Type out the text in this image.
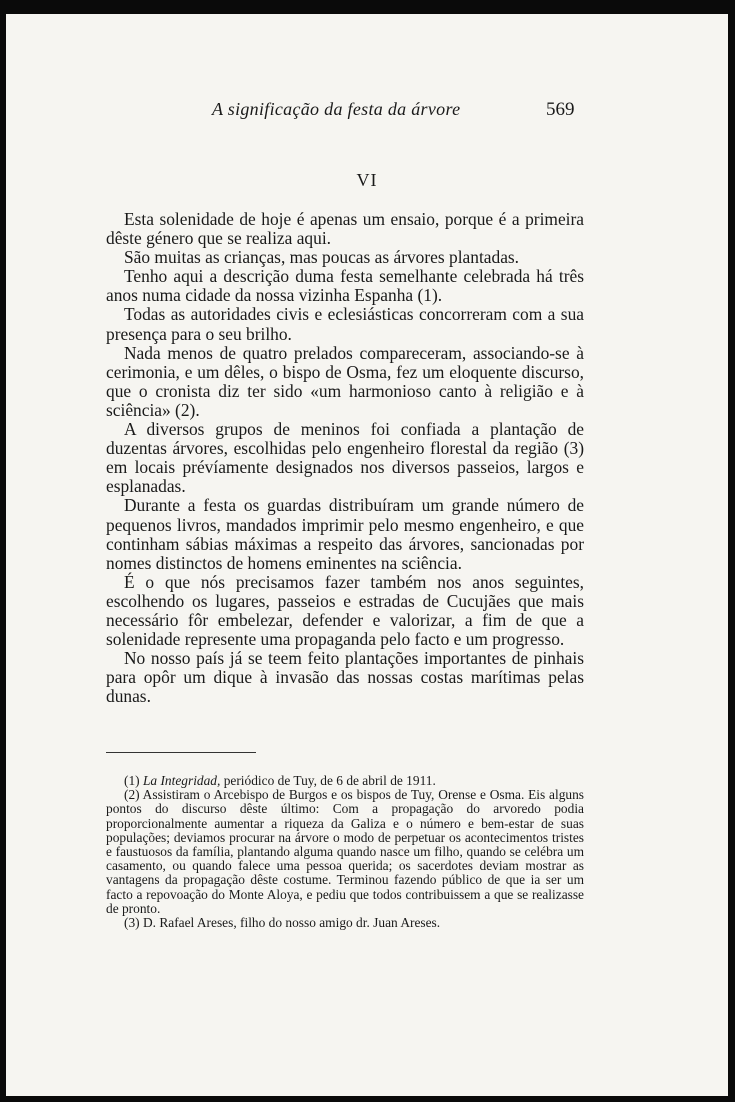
A significação da festa da árvore	569
VI

Esta solenidade de hoje é apenas um ensaio, porque é a primeira dêste género que se realiza aqui.

São muitas as crianças, mas poucas as árvores plantadas.

Tenho aqui a descrição duma festa semelhante celebrada há três anos numa cidade da nossa vizinha Espanha (1).

Todas as autoridades civis e eclesiásticas concorreram com a sua presença para o seu brilho.

Nada menos de quatro prelados compareceram, associando-se à cerimonia, e um dêles, o bispo de Osma, fez um eloquente discurso, que o cronista diz ter sido «um harmonioso canto à religião e à sciência» (2).

A diversos grupos de meninos foi confiada a plantação de duzentas árvores, escolhidas pelo engenheiro florestal da região (3) em locais prévíamente designados nos diversos passeios, largos e esplanadas.

Durante a festa os guardas distribuíram um grande número de pequenos livros, mandados imprimir pelo mesmo engenheiro, e que continham sábias máximas a respeito das árvores, sancionadas por nomes distinctos de homens eminentes na sciência.

É o que nós precisamos fazer também nos anos seguintes, escolhendo os lugares, passeios e estradas de Cucujães que mais necessário fôr embelezar, defender e valorizar, a fim de que a solenidade represente uma propaganda pelo facto e um progresso.

No nosso país já se teem feito plantações importantes de pinhais para opôr um dique à invasão das nossas costas marítimas pelas dunas.

(1) La Integridad, periódico de Tuy, de 6 de abril de 1911.

(2) Assistiram o Arcebispo de Burgos e os bispos de Tuy, Orense e Osma. Eis alguns pontos do discurso dêste último: Com a propagação do arvoredo podia proporcionalmente aumentar a riqueza da Galiza e o número e bem-estar de suas populações; deviamos procurar na árvore o modo de perpetuar os acontecimentos tristes e faustuosos da família, plantando alguma quando nasce um filho, quando se celébra um casamento, ou quando falece uma pessoa querida; os sacerdotes deviam mostrar as vantagens da propagação dêste costume. Terminou fazendo público de que ia ser um facto a repovoação do Monte Aloya, e pediu que todos contribuissem a que se realizasse de pronto.

(3) D. Rafael Areses, filho do nosso amigo dr. Juan Areses.
